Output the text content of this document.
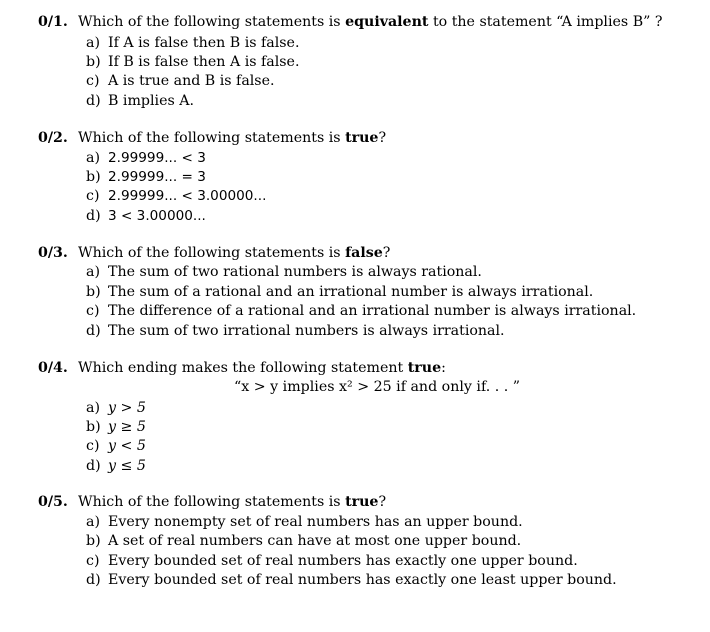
0/1. Which of the following statements is equivalent to the statement “A implies B” ?
a) If A is false then B is false.
b) If B is false then A is false.
c) A is true and B is false.
d) B implies A.
0/2. Which of the following statements is true?
a) 2.99999... < 3
b) 2.99999... = 3
c) 2.99999... < 3.00000...
d) 3 < 3.00000...
0/3. Which of the following statements is false?
a) The sum of two rational numbers is always rational.
b) The sum of a rational and an irrational number is always irrational.
c) The difference of a rational and an irrational number is always irrational.
d) The sum of two irrational numbers is always irrational.
0/4. Which ending makes the following statement true:
“x > y implies x² > 25 if and only if. . . ”
a) y > 5
b) y ≥ 5
c) y < 5
d) y ≤ 5
0/5. Which of the following statements is true?
a) Every nonempty set of real numbers has an upper bound.
b) A set of real numbers can have at most one upper bound.
c) Every bounded set of real numbers has exactly one upper bound.
d) Every bounded set of real numbers has exactly one least upper bound.
